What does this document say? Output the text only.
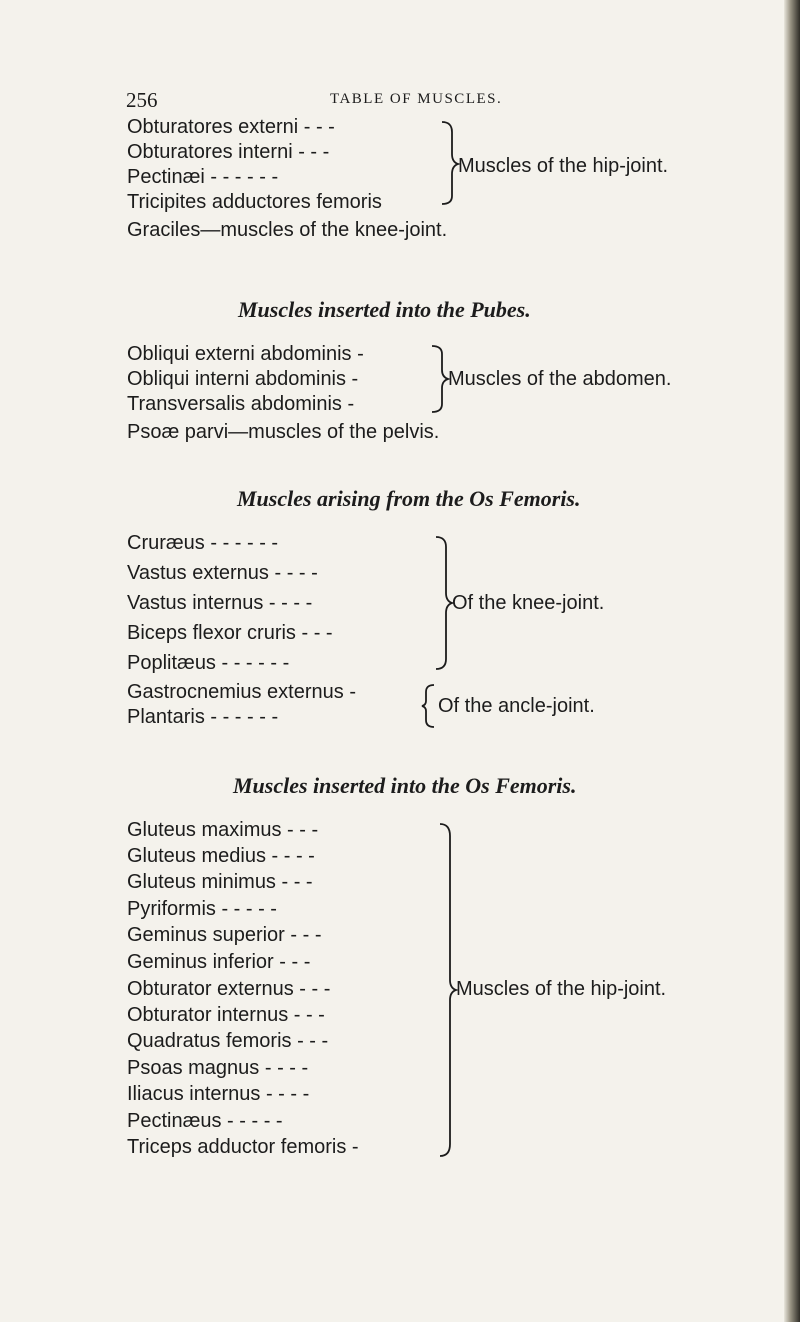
256	TABLE OF MUSCLES.
Obturatores externi - - -
Obturatores interni - - -
Pectinæi - - - - - -
Tricipites adductores femoris
Graciles—muscles of the knee-joint.
Muscles of the hip-joint.
Muscles inserted into the Pubes.
Obliqui externi abdominis -
Obliqui interni abdominis -
Transversalis abdominis -
Psoæ parvi—muscles of the pelvis.
Muscles of the abdomen.
Muscles arising from the Os Femoris.
Cruræus - - - - - -
Vastus externus - - - -
Vastus internus - - - -
Biceps flexor cruris - - -
Poplitæus - - - - - -
Gastrocnemius externus -
Plantaris - - - - - -
Of the knee-joint.
Of the ancle-joint.
Muscles inserted into the Os Femoris.
Gluteus maximus - - -
Gluteus medius - - - -
Gluteus minimus - - -
Pyriformis - - - - -
Geminus superior - - -
Geminus inferior - - -
Obturator externus - - -
Obturator internus - - -
Quadratus femoris - - -
Psoas magnus - - - -
Iliacus internus - - - -
Pectinæus - - - - -
Triceps adductor femoris -
Muscles of the hip-joint.
